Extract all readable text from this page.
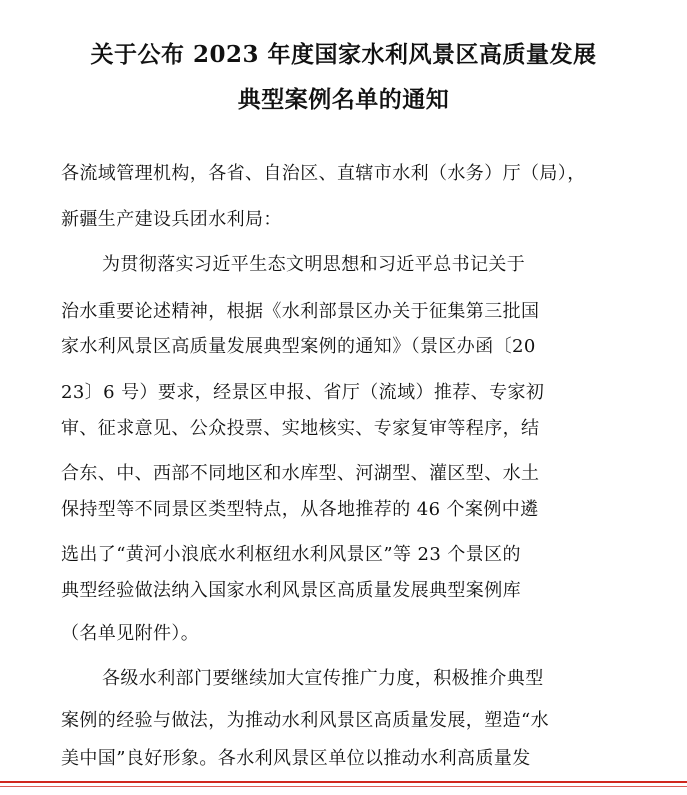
关于公布 2023 年度国家水利风景区高质量发展
典型案例名单的通知
各流域管理机构，各省、自治区、直辖市水利（水务）厅（局），
新疆生产建设兵团水利局：
为贯彻落实习近平生态文明思想和习近平总书记关于
治水重要论述精神，根据《水利部景区办关于征集第三批国
家水利风景区高质量发展典型案例的通知》（景区办函〔20
23〕6 号）要求，经景区申报、省厅（流域）推荐、专家初
审、征求意见、公众投票、实地核实、专家复审等程序，结
合东、中、西部不同地区和水库型、河湖型、灌区型、水土
保持型等不同景区类型特点，从各地推荐的 46 个案例中遴
选出了“黄河小浪底水利枢纽水利风景区”等 23 个景区的
典型经验做法纳入国家水利风景区高质量发展典型案例库
（名单见附件）。
各级水利部门要继续加大宣传推广力度，积极推介典型
案例的经验与做法，为推动水利风景区高质量发展，塑造“水
美中国”良好形象。各水利风景区单位以推动水利高质量发
